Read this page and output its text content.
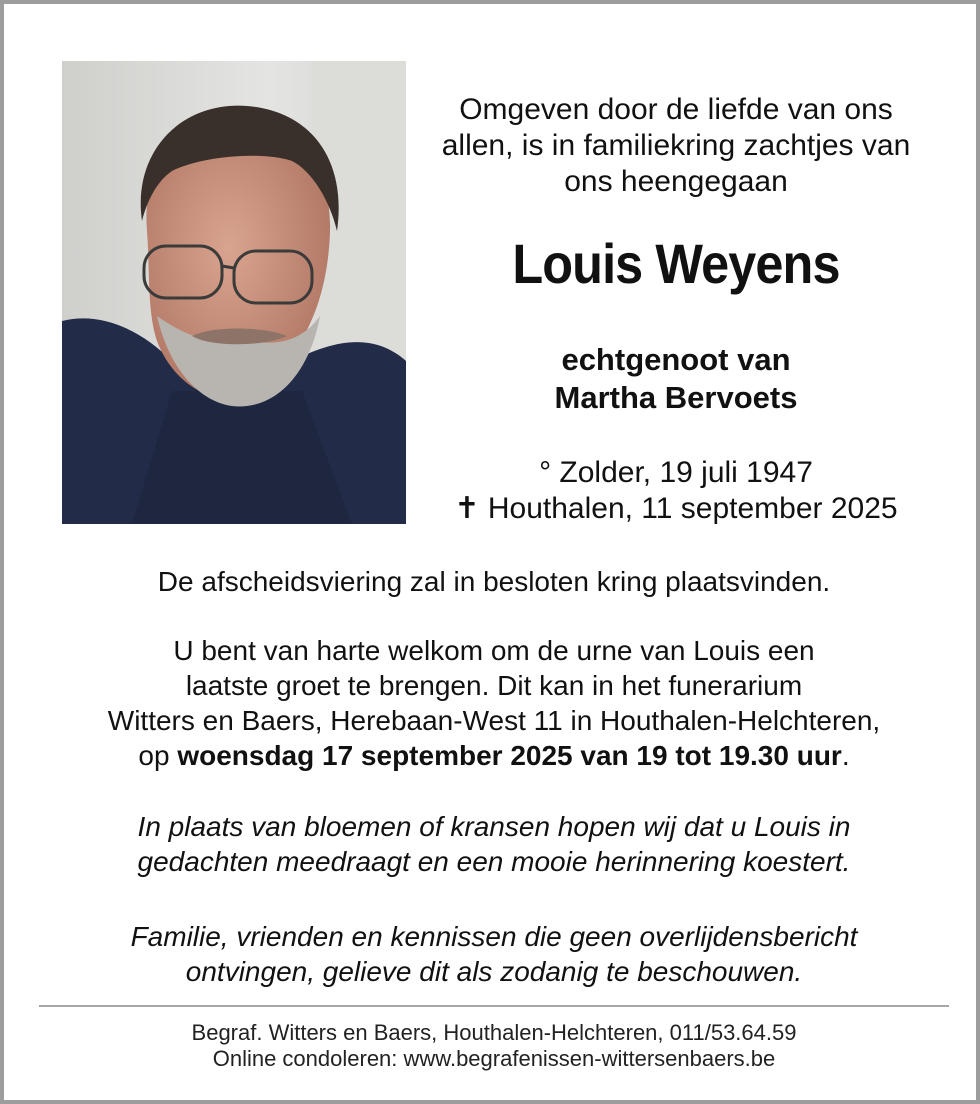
Omgeven door de liefde van ons
allen, is in familiekring zachtjes van
ons heengegaan
Louis Weyens
echtgenoot van
Martha Bervoets
° Zolder, 19 juli 1947
✝ Houthalen, 11 september 2025
De afscheidsviering zal in besloten kring plaatsvinden.
U bent van harte welkom om de urne van Louis een
laatste groet te brengen. Dit kan in het funerarium
Witters en Baers, Herebaan-West 11 in Houthalen-Helchteren,
op woensdag 17 september 2025 van 19 tot 19.30 uur.
In plaats van bloemen of kransen hopen wij dat u Louis in
gedachten meedraagt en een mooie herinnering koestert.
Familie, vrienden en kennissen die geen overlijdensbericht
ontvingen, gelieve dit als zodanig te beschouwen.
Begraf. Witters en Baers, Houthalen-Helchteren, 011/53.64.59
Online condoleren: www.begrafenissen-wittersenbaers.be
